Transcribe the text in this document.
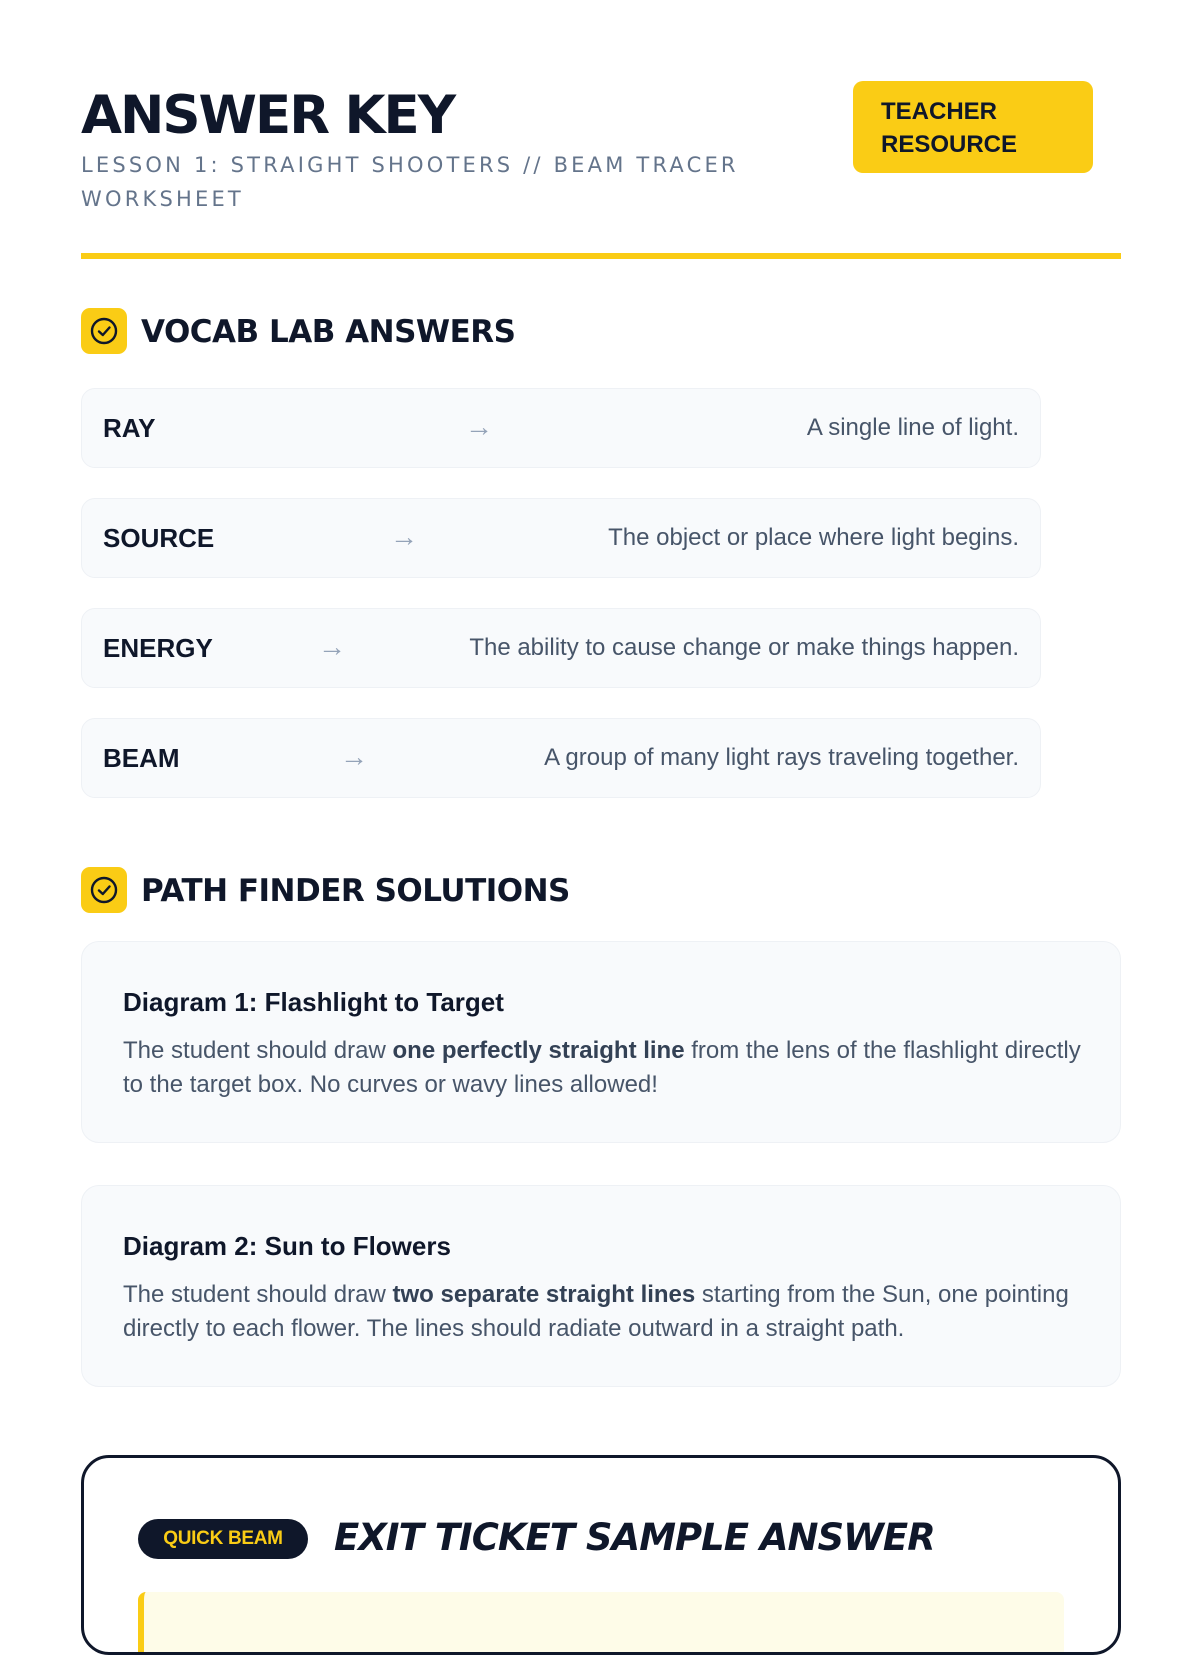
ANSWER KEY

LESSON 1: STRAIGHT SHOOTERS // BEAM TRACER WORKSHEET

TEACHER RESOURCE
VOCAB LAB ANSWERS
RAY	→	A single line of light.
SOURCE	→	The object or place where light begins.
ENERGY	→	The ability to cause change or make things happen.
BEAM	→	A group of many light rays traveling together.
PATH FINDER SOLUTIONS
Diagram 1: Flashlight to Target

The student should draw one perfectly straight line from the lens of the flashlight directly to the target box. No curves or wavy lines allowed!

Diagram 2: Sun to Flowers

The student should draw two separate straight lines starting from the Sun, one pointing directly to each flower. The lines should radiate outward in a straight path.

QUICK BEAM	EXIT TICKET SAMPLE ANSWER
